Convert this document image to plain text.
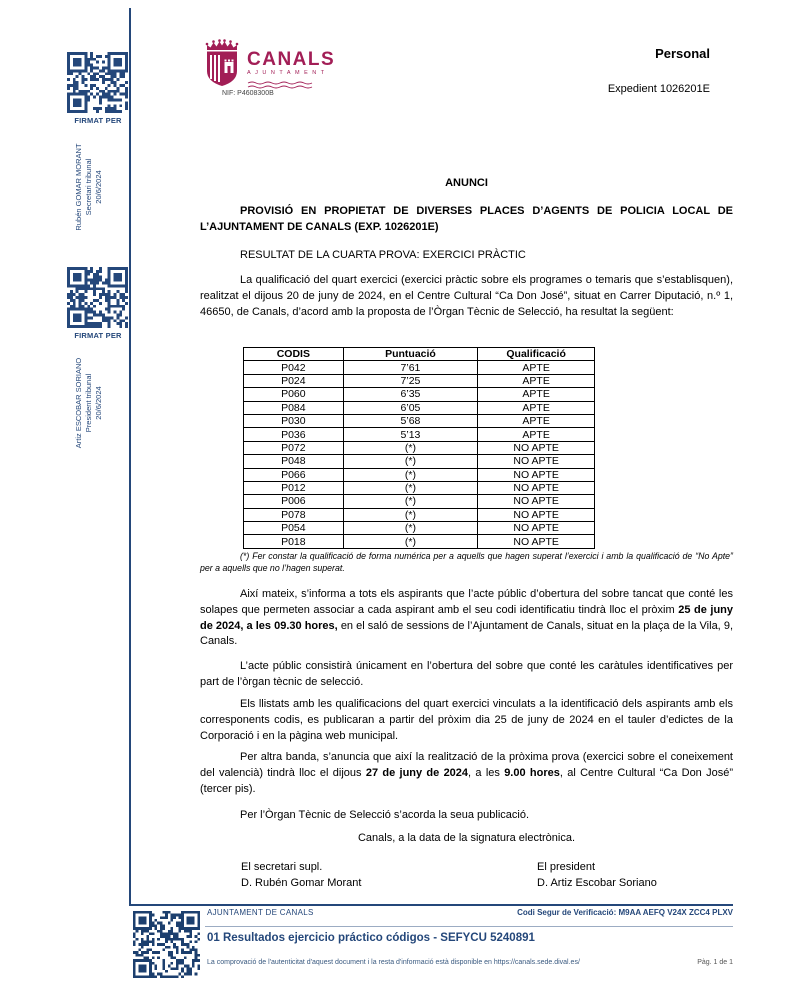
FIRMAT PER
Rubén GOMAR MORANT Secretari tribunal 20/6/2024
FIRMAT PER
Artiz ESCOBAR SORIANO President tribunal 20/6/2024
CANALS
AJUNTAMENT
NIF: P4608300B
Personal
Expedient 1026201E
ANUNCI
PROVISIÓ EN PROPIETAT DE DIVERSES PLACES D’AGENTS DE POLICIA LOCAL DE L’AJUNTAMENT DE CANALS (EXP. 1026201E)
RESULTAT DE LA CUARTA PROVA: EXERCICI PRÀCTIC
La qualificació del quart exercici (exercici pràctic sobre els programes o temaris que s’establisquen), realitzat el dijous 20 de juny de 2024, en el Centre Cultural “Ca Don José”, situat en Carrer Diputació, n.º 1, 46650, de Canals, d’acord amb la proposta de l’Òrgan Tècnic de Selecció, ha resultat la següent:
CODIS	Puntuació	Qualificació
P042	7’61	APTE
P024	7’25	APTE
P060	6’35	APTE
P084	6’05	APTE
P030	5’68	APTE
P036	5’13	APTE
P072	(*)	NO APTE
P048	(*)	NO APTE
P066	(*)	NO APTE
P012	(*)	NO APTE
P006	(*)	NO APTE
P078	(*)	NO APTE
P054	(*)	NO APTE
P018	(*)	NO APTE
(*) Fer constar la qualificació de forma numérica per a aquells que hagen superat l’exercici i amb la qualificació de “No Apte” per a aquells que no l’hagen superat.
Així mateix, s’informa a tots els aspirants que l’acte públic d’obertura del sobre tancat que conté les solapes que permeten associar a cada aspirant amb el seu codi identificatiu tindrà lloc el pròxim 25 de juny de 2024, a les 09.30 hores, en el saló de sessions de l’Ajuntament de Canals, situat en la plaça de la Vila, 9, Canals.
L’acte públic consistirà únicament en l’obertura del sobre que conté les caràtules identificatives per part de l’òrgan tècnic de selecció.
Els llistats amb les qualificacions del quart exercici vinculats a la identificació dels aspirants amb els corresponents codis, es publicaran a partir del pròxim dia 25 de juny de 2024 en el tauler d’edictes de la Corporació i en la pàgina web municipal.
Per altra banda, s’anuncia que així la realització de la pròxima prova (exercici sobre el coneixement del valencià) tindrà lloc el dijous 27 de juny de 2024, a les 9.00 hores, al Centre Cultural “Ca Don José” (tercer pis).
Per l’Òrgan Tècnic de Selecció s’acorda la seua publicació.
Canals, a la data de la signatura electrònica.
El secretari supl.
D. Rubén Gomar Morant
El president
D. Artiz Escobar Soriano
AJUNTAMENT DE CANALS	Codi Segur de Verificació: M9AA AEFQ V24X ZCC4 PLXV
01 Resultados ejercicio práctico códigos - SEFYCU 5240891
La comprovació de l'autenticitat d'aquest document i la resta d'informació està disponible en https://canals.sede.dival.es/	Pàg. 1 de 1
